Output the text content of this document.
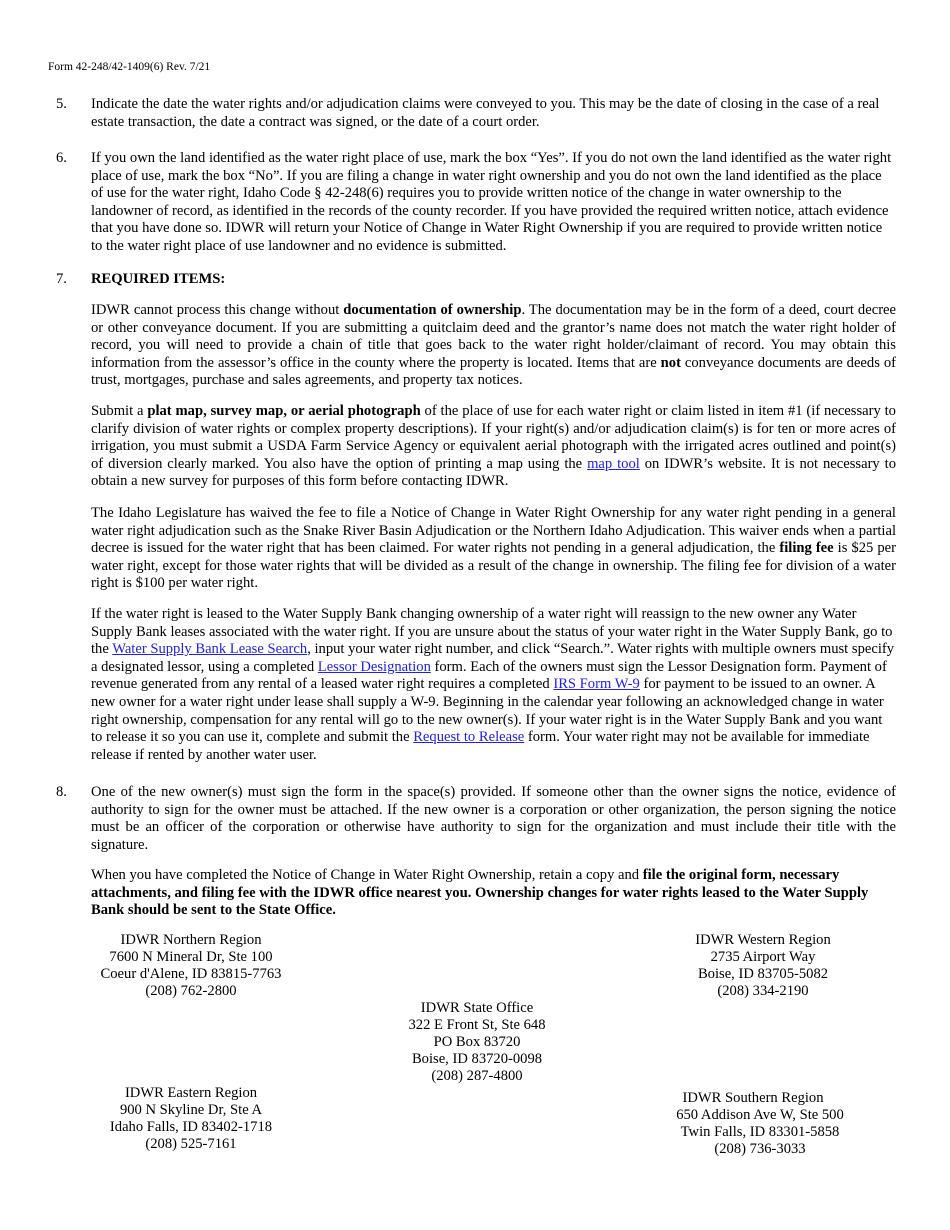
Form 42-248/42-1409(6) Rev. 7/21
5.	Indicate the date the water rights and/or adjudication claims were conveyed to you. This may be the date of closing in the case of a real estate transaction, the date a contract was signed, or the date of a court order.
6.	If you own the land identified as the water right place of use, mark the box “Yes”. If you do not own the land identified as the water right place of use, mark the box “No”. If you are filing a change in water right ownership and you do not own the land identified as the place of use for the water right, Idaho Code § 42-248(6) requires you to provide written notice of the change in water ownership to the landowner of record, as identified in the records of the county recorder. If you have provided the required written notice, attach evidence that you have done so. IDWR will return your Notice of Change in Water Right Ownership if you are required to provide written notice to the water right place of use landowner and no evidence is submitted.
7.	REQUIRED ITEMS:
IDWR cannot process this change without documentation of ownership. The documentation may be in the form of a deed, court decree or other conveyance document. If you are submitting a quitclaim deed and the grantor’s name does not match the water right holder of record, you will need to provide a chain of title that goes back to the water right holder/claimant of record. You may obtain this information from the assessor’s office in the county where the property is located. Items that are not conveyance documents are deeds of trust, mortgages, purchase and sales agreements, and property tax notices.
Submit a plat map, survey map, or aerial photograph of the place of use for each water right or claim listed in item #1 (if necessary to clarify division of water rights or complex property descriptions). If your right(s) and/or adjudication claim(s) is for ten or more acres of irrigation, you must submit a USDA Farm Service Agency or equivalent aerial photograph with the irrigated acres outlined and point(s) of diversion clearly marked. You also have the option of printing a map using the map tool on IDWR’s website. It is not necessary to obtain a new survey for purposes of this form before contacting IDWR.
The Idaho Legislature has waived the fee to file a Notice of Change in Water Right Ownership for any water right pending in a general water right adjudication such as the Snake River Basin Adjudication or the Northern Idaho Adjudication. This waiver ends when a partial decree is issued for the water right that has been claimed. For water rights not pending in a general adjudication, the filing fee is $25 per water right, except for those water rights that will be divided as a result of the change in ownership. The filing fee for division of a water right is $100 per water right.
If the water right is leased to the Water Supply Bank changing ownership of a water right will reassign to the new owner any Water Supply Bank leases associated with the water right. If you are unsure about the status of your water right in the Water Supply Bank, go to the Water Supply Bank Lease Search, input your water right number, and click “Search.”. Water rights with multiple owners must specify a designated lessor, using a completed Lessor Designation form. Each of the owners must sign the Lessor Designation form. Payment of revenue generated from any rental of a leased water right requires a completed IRS Form W-9 for payment to be issued to an owner. A new owner for a water right under lease shall supply a W-9. Beginning in the calendar year following an acknowledged change in water right ownership, compensation for any rental will go to the new owner(s). If your water right is in the Water Supply Bank and you want to release it so you can use it, complete and submit the Request to Release form. Your water right may not be available for immediate release if rented by another water user.
8.	One of the new owner(s) must sign the form in the space(s) provided. If someone other than the owner signs the notice, evidence of authority to sign for the owner must be attached. If the new owner is a corporation or other organization, the person signing the notice must be an officer of the corporation or otherwise have authority to sign for the organization and must include their title with the signature.
When you have completed the Notice of Change in Water Right Ownership, retain a copy and file the original form, necessary attachments, and filing fee with the IDWR office nearest you. Ownership changes for water rights leased to the Water Supply Bank should be sent to the State Office.
IDWR Northern Region
7600 N Mineral Dr, Ste 100
Coeur d'Alene, ID 83815-7763
(208) 762-2800
IDWR Western Region
2735 Airport Way
Boise, ID 83705-5082
(208) 334-2190
IDWR State Office
322 E Front St, Ste 648
PO Box 83720
Boise, ID 83720-0098
(208) 287-4800
IDWR Eastern Region
900 N Skyline Dr, Ste A
Idaho Falls, ID 83402-1718
(208) 525-7161
IDWR Southern Region
650 Addison Ave W, Ste 500
Twin Falls, ID 83301-5858
(208) 736-3033
